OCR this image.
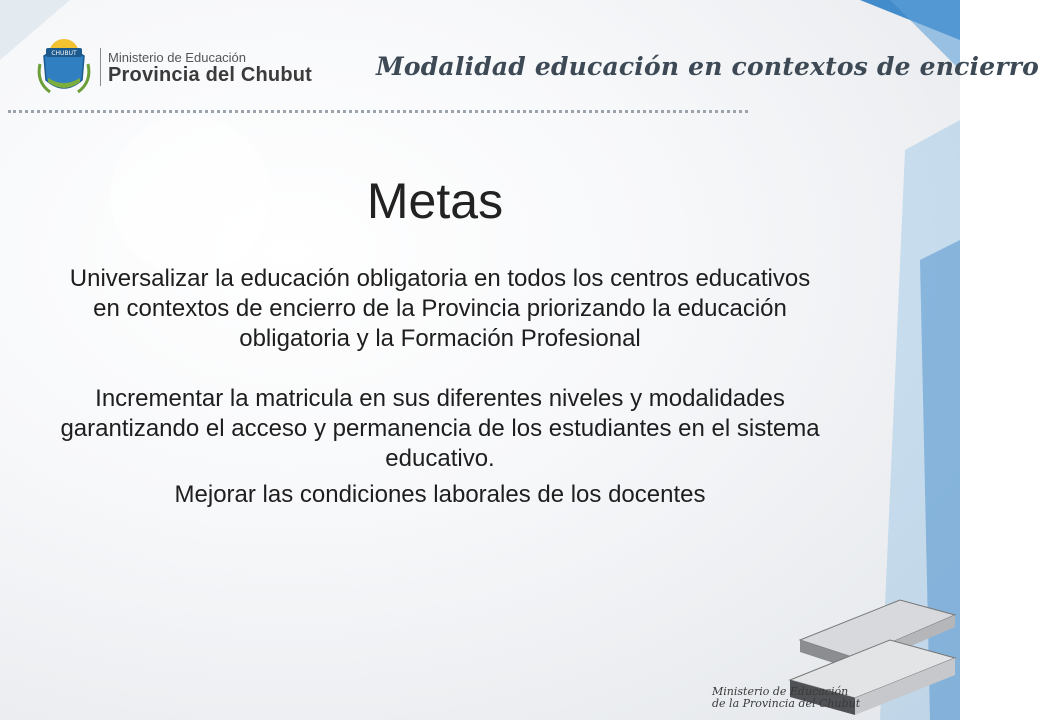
CHUBUT Ministerio de Educación
Provincia del Chubut	Modalidad educación en contextos de encierro
Metas

Universalizar la educación obligatoria en todos los centros educativos en contextos de encierro de la Provincia priorizando la educación obligatoria y la Formación Profesional

Incrementar la matricula en sus diferentes niveles y modalidades garantizando el acceso y permanencia de los estudiantes en el sistema educativo.

Mejorar las condiciones laborales de los docentes

Ministerio de Educación
de la Provincia del Chubut
